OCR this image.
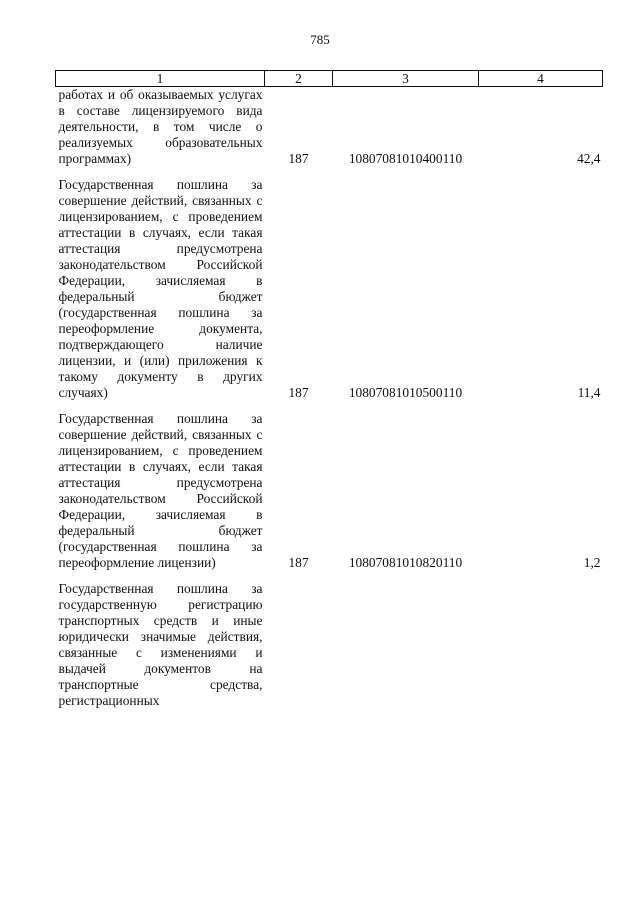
785
1	2	3	4
работах и об оказываемых услугах в составе лицензируемого вида деятельности, в том числе о реализуемых образовательных программах)	187	10807081010400110	42,4

Государственная пошлина за совершение действий, связанных с лицензированием, с проведением аттестации в случаях, если такая аттестация предусмотрена законодательством Российской Федерации, зачисляемая в федеральный бюджет (государственная пошлина за переоформление документа, подтверждающего наличие лицензии, и (или) приложения к такому документу в других случаях)	187	10807081010500110	11,4

Государственная пошлина за совершение действий, связанных с лицензированием, с проведением аттестации в случаях, если такая аттестация предусмотрена законодательством Российской Федерации, зачисляемая в федеральный бюджет (государственная пошлина за переоформление лицензии)	187	10807081010820110	1,2

Государственная пошлина за государственную регистрацию транспортных средств и иные юридически значимые действия, связанные с изменениями и выдачей документов на транспортные средства, регистрационных			
